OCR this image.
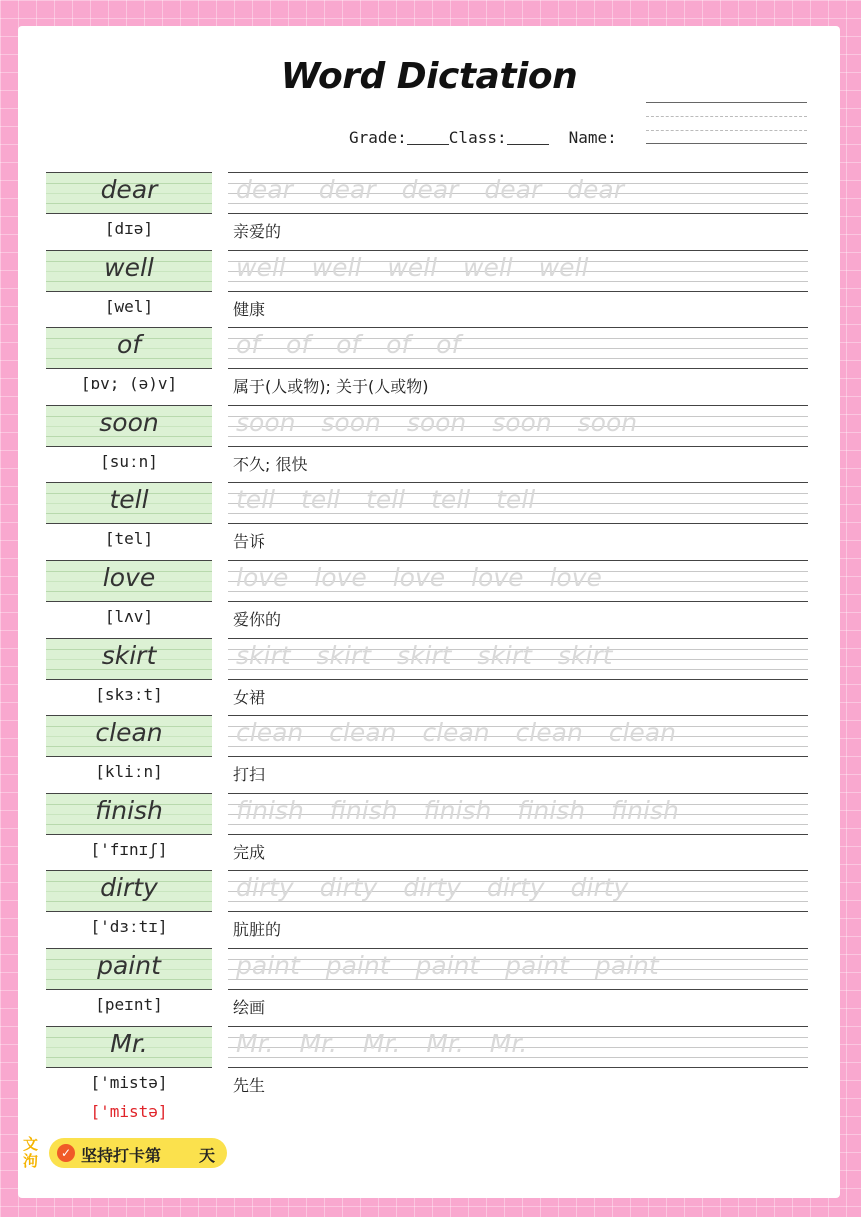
Word Dictation
Grade:	Class:	Name:
dear	dear dear dear dear dear
[dɪə]	亲爱的
well	well well well well well
[wel]	健康
of	of of of of of
[ɒv; (ə)v]	属于(人或物); 关于(人或物)
soon	soon soon soon soon soon
[suːn]	不久; 很快
tell	tell tell tell tell tell
[tel]	告诉
love	love love love love love
[lʌv]	爱你的
skirt	skirt skirt skirt skirt skirt
[skɜːt]	女裙
clean	clean clean clean clean clean
[kliːn]	打扫
finish	finish finish finish finish finish
['fɪnɪʃ]	完成
dirty	dirty dirty dirty dirty dirty
['dɜːtɪ]	肮脏的
paint	paint paint paint paint paint
[peɪnt]	绘画
Mr.	Mr. Mr. Mr. Mr. Mr.
['mistə]	先生
['mistə]
文泃	✓ 坚持打卡第 天
